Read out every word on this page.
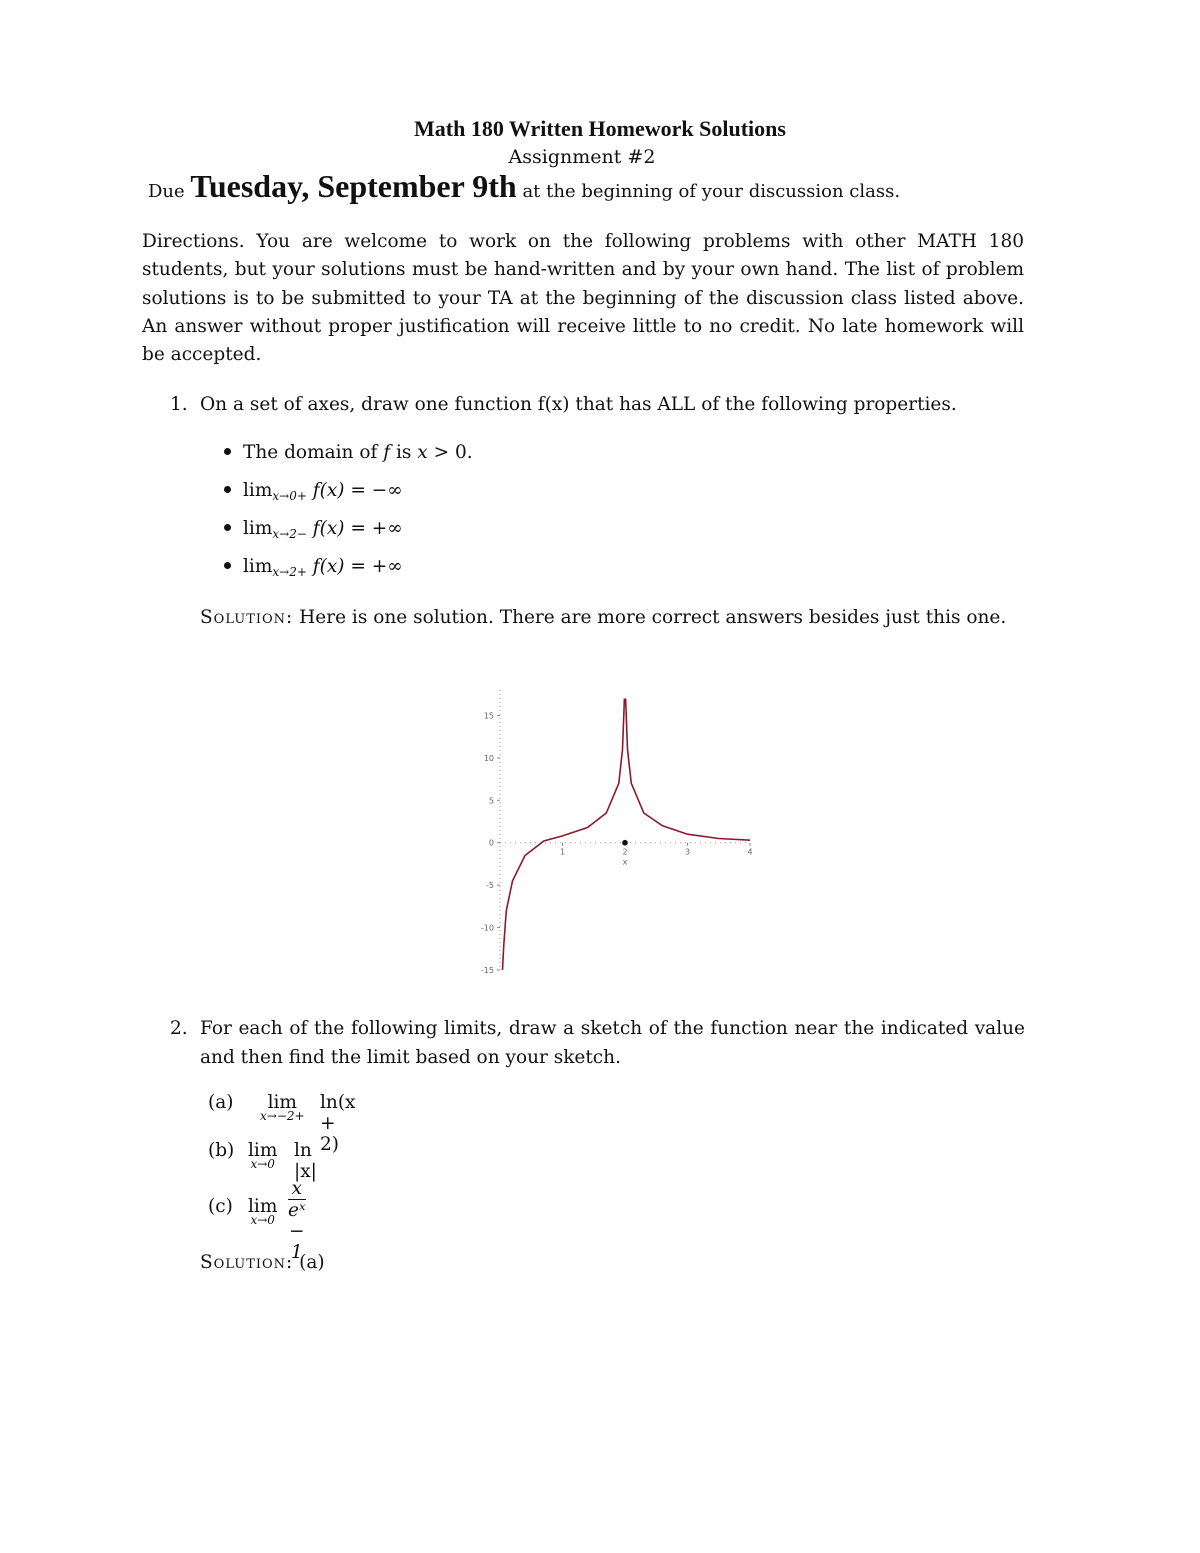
Math 180 Written Homework Solutions
Assignment #2
Due Tuesday, September 9th at the beginning of your discussion class.
Directions. You are welcome to work on the following problems with other MATH 180 students, but your solutions must be hand-written and by your own hand. The list of problem solutions is to be submitted to your TA at the beginning of the discussion class listed above. An answer without proper justification will receive little to no credit. No late homework will be accepted.
1. On a set of axes, draw one function f(x) that has ALL of the following properties.
The domain of f is x > 0.
$\lim_{x\to 0+} f(x)$ = −∞
$\lim_{x\to 2-} f(x)$ = +∞
$\lim_{x\to 2+} f(x)$ = +∞
Solution: Here is one solution. There are more correct answers besides just this one.
15
10
5
0
-5
-10
-15
1	2	3	4
x
2. For each of the following limits, draw a sketch of the function near the indicated value and then find the limit based on your sketch.
(a)	lim
x→−2+
ln(x + 2)
(b) lim
x→0
ln |x|
(c) lim
$x\to 0 \frac{x}{\text{eˣ − 1}}$
Solution: (a)
